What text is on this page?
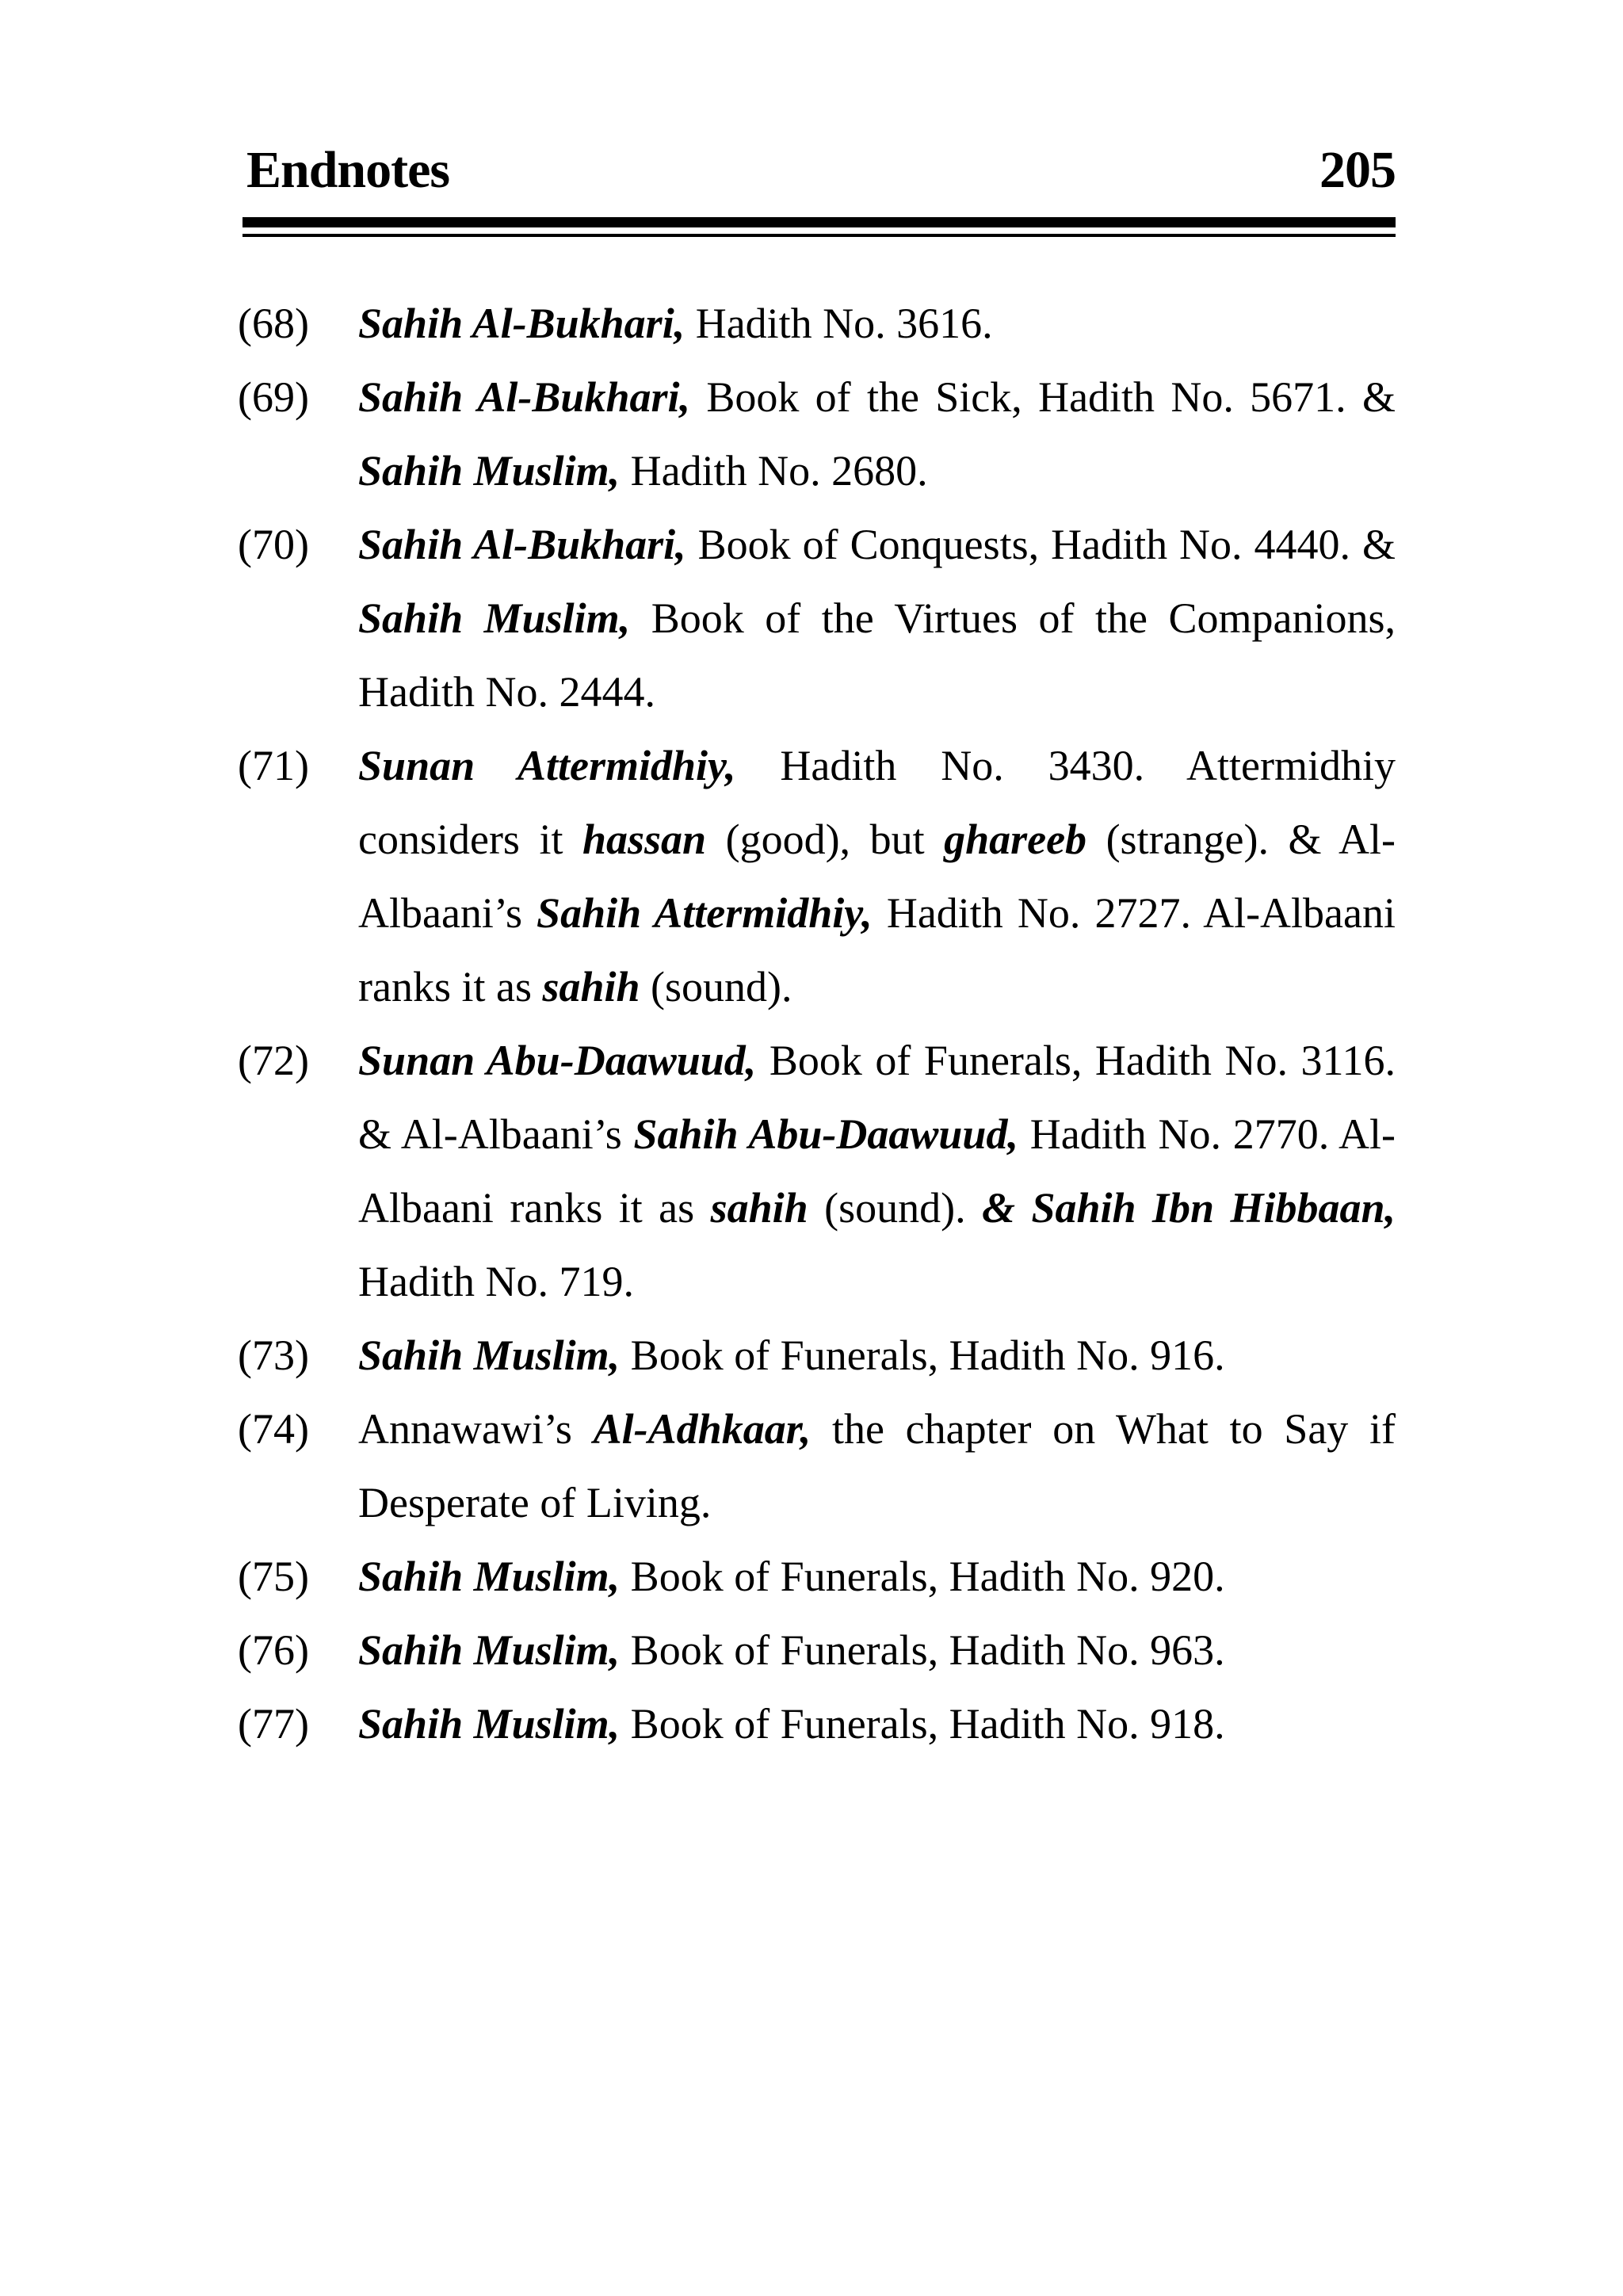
Endnotes	205
(68)	Sahih Al-Bukhari, Hadith No. 3616.
(69)	Sahih Al-Bukhari, Book of the Sick, Hadith No. 5671. & Sahih Muslim, Hadith No. 2680.
(70)	Sahih Al-Bukhari, Book of Conquests, Hadith No. 4440. & Sahih Muslim, Book of the Virtues of the Companions, Hadith No. 2444.
(71)	Sunan Attermidhiy, Hadith No. 3430. Attermidhiy considers it hassan (good), but ghareeb (strange). & Al-Albaani’s Sahih Attermidhiy, Hadith No. 2727. Al-Albaani ranks it as sahih (sound).
(72)	Sunan Abu-Daawuud, Book of Funerals, Hadith No. 3116. & Al-Albaani’s Sahih Abu-Daawuud, Hadith No. 2770. Al-Albaani ranks it as sahih (sound). & Sahih Ibn Hibbaan, Hadith No. 719.
(73)	Sahih Muslim, Book of Funerals, Hadith No. 916.
(74)	Annawawi’s Al-Adhkaar, the chapter on What to Say if Desperate of Living.
(75)	Sahih Muslim, Book of Funerals, Hadith No. 920.
(76)	Sahih Muslim, Book of Funerals, Hadith No. 963.
(77)	Sahih Muslim, Book of Funerals, Hadith No. 918.
